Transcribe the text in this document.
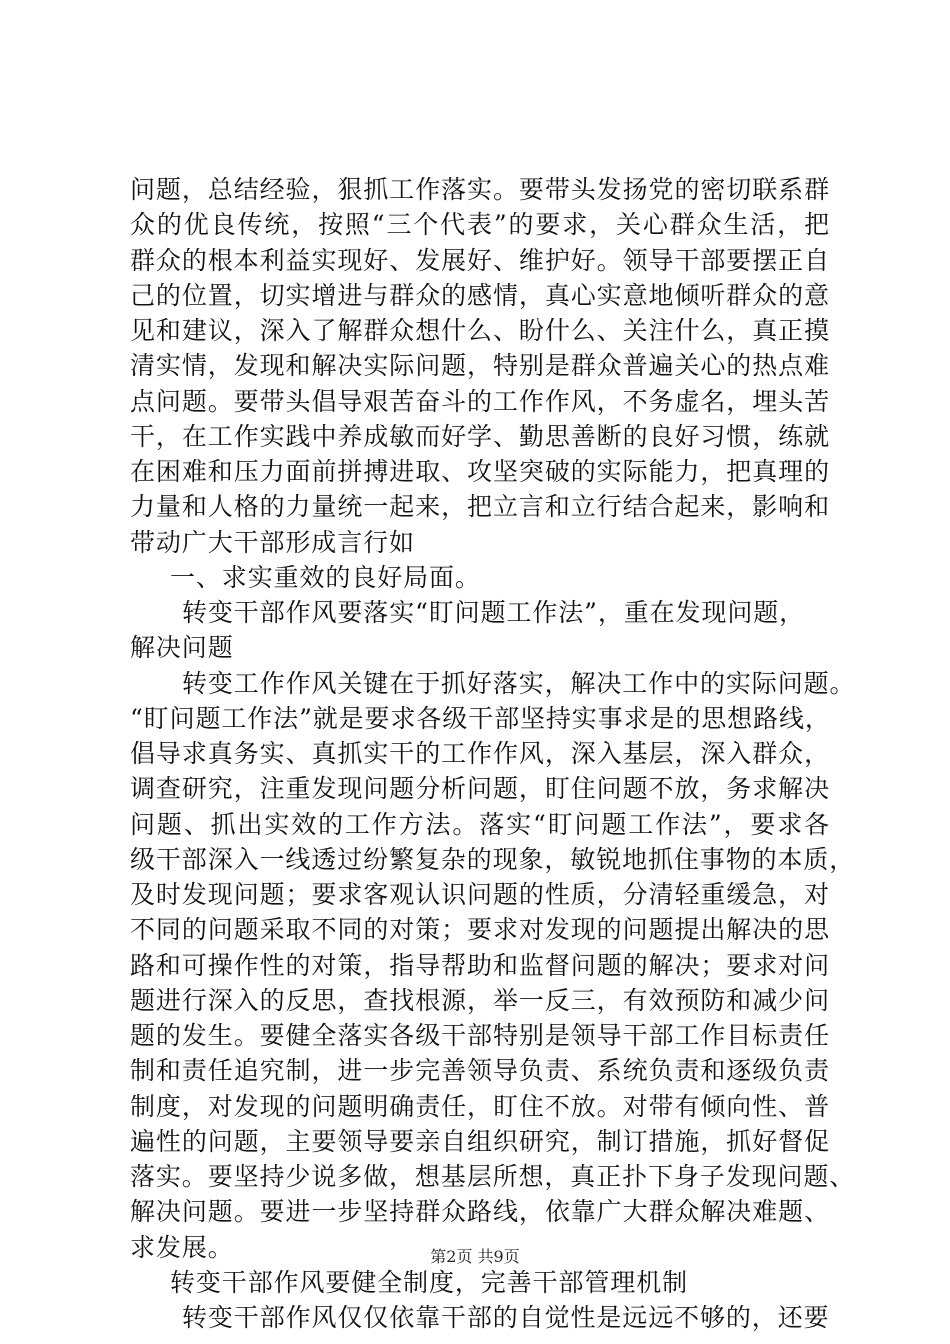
问题，总结经验，狠抓工作落实。要带头发扬党的密切联系群
众的优良传统，按照“三个代表”的要求，关心群众生活，把
群众的根本利益实现好、发展好、维护好。领导干部要摆正自
己的位置，切实增进与群众的感情，真心实意地倾听群众的意
见和建议，深入了解群众想什么、盼什么、关注什么，真正摸
清实情，发现和解决实际问题，特别是群众普遍关心的热点难
点问题。要带头倡导艰苦奋斗的工作作风，不务虚名，埋头苦
干，在工作实践中养成敏而好学、勤思善断的良好习惯，练就
在困难和压力面前拼搏进取、攻坚突破的实际能力，把真理的
力量和人格的力量统一起来，把立言和立行结合起来，影响和
带动广大干部形成言行如
一、求实重效的良好局面。
转变干部作风要落实“盯问题工作法”，重在发现问题，
解决问题
转变工作作风关键在于抓好落实，解决工作中的实际问题。
“盯问题工作法”就是要求各级干部坚持实事求是的思想路线，
倡导求真务实、真抓实干的工作作风，深入基层，深入群众，
调查研究，注重发现问题分析问题，盯住问题不放，务求解决
问题、抓出实效的工作方法。落实“盯问题工作法”，要求各
级干部深入一线透过纷繁复杂的现象，敏锐地抓住事物的本质，
及时发现问题；要求客观认识问题的性质，分清轻重缓急，对
不同的问题采取不同的对策；要求对发现的问题提出解决的思
路和可操作性的对策，指导帮助和监督问题的解决；要求对问
题进行深入的反思，查找根源，举一反三，有效预防和减少问
题的发生。要健全落实各级干部特别是领导干部工作目标责任
制和责任追究制，进一步完善领导负责、系统负责和逐级负责
制度，对发现的问题明确责任，盯住不放。对带有倾向性、普
遍性的问题，主要领导要亲自组织研究，制订措施，抓好督促
落实。要坚持少说多做，想基层所想，真正扑下身子发现问题、
解决问题。要进一步坚持群众路线，依靠广大群众解决难题、
求发展。
转变干部作风要健全制度，完善干部管理机制
转变干部作风仅仅依靠干部的自觉性是远远不够的，还要
第2页 共9页
